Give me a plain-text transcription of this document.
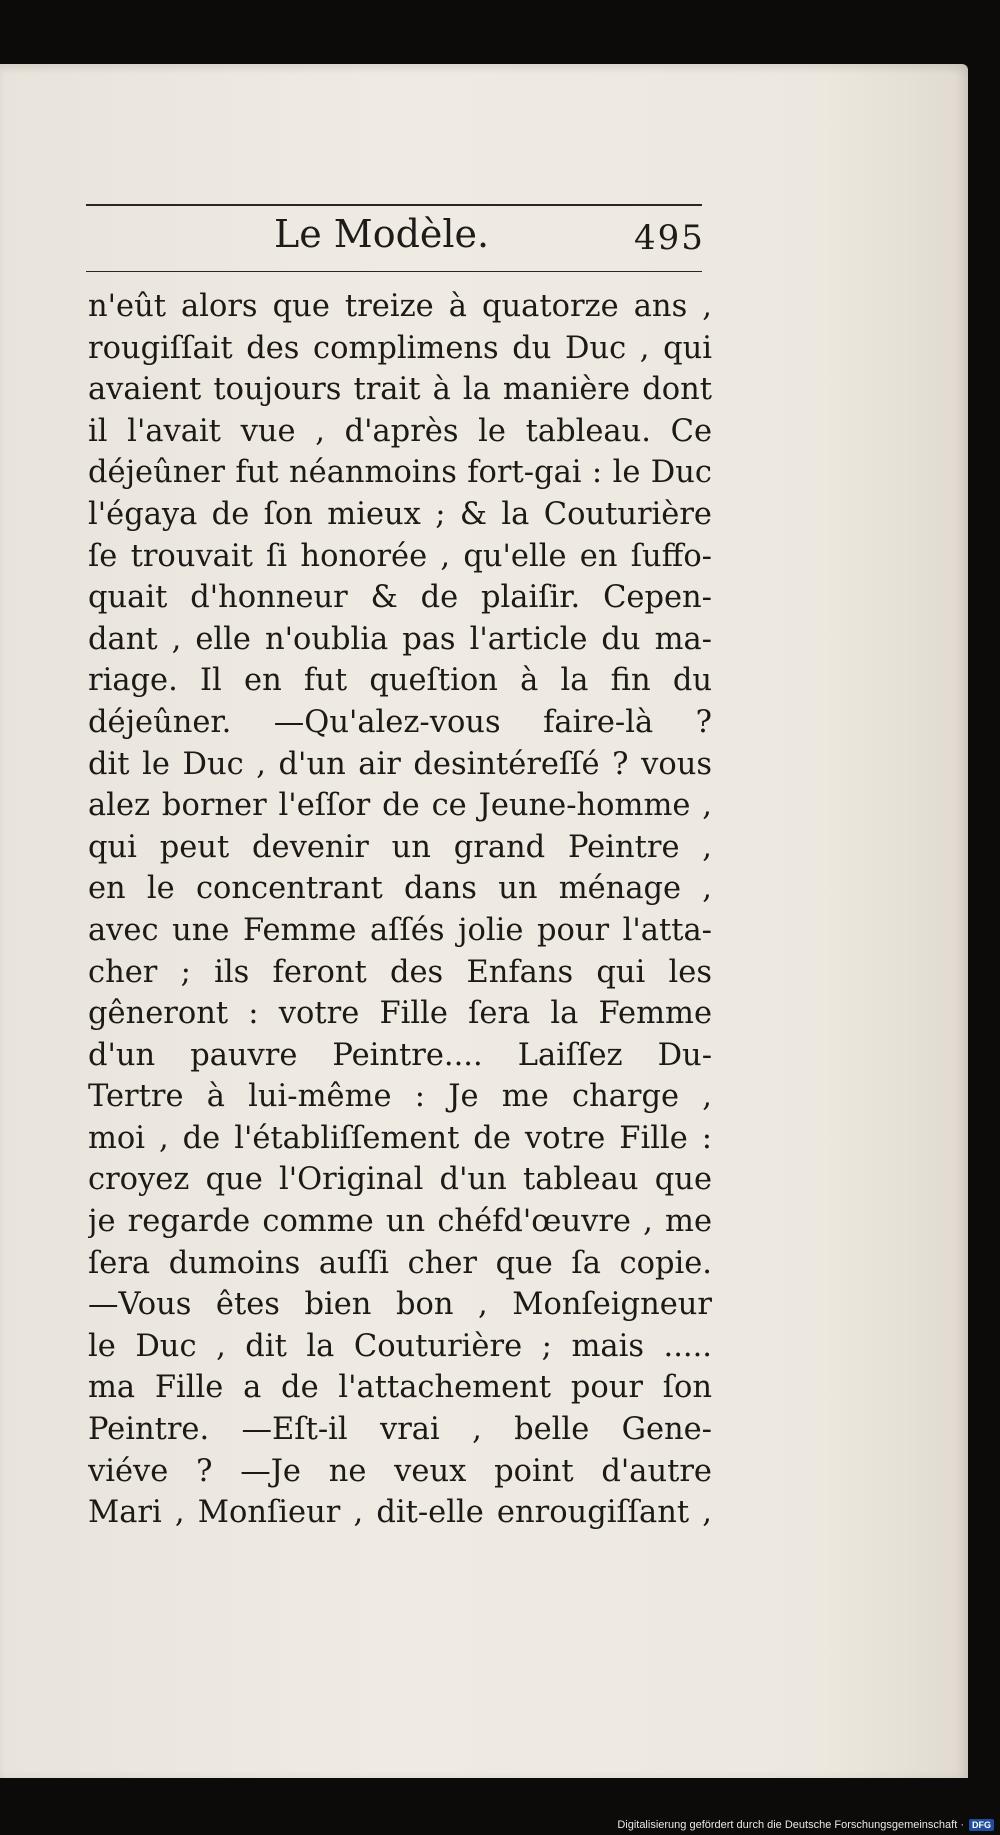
Le Modèle.	495
n'eût alors que treize à quatorze ans ,
rougiſſait des complimens du Duc , qui
avaient toujours trait à la manière dont
il l'avait vue , d'après le tableau. Ce
déjeûner fut néanmoins fort-gai : le Duc
l'égaya de ſon mieux ; & la Couturière
ſe trouvait ſi honorée , qu'elle en ſuffo-
quait d'honneur & de plaiſir. Cepen-
dant , elle n'oublia pas l'article du ma-
riage. Il en fut queſtion à la fin du
déjeûner. —Qu'alez-vous faire-là ?
dit le Duc , d'un air desintéreſſé ? vous
alez borner l'eſſor de ce Jeune-homme ,
qui peut devenir un grand Peintre ,
en le concentrant dans un ménage ,
avec une Femme aſſés jolie pour l'atta-
cher ; ils feront des Enfans qui les
gêneront : votre Fille ſera la Femme
d'un pauvre Peintre.... Laiſſez Du-
Tertre à lui-même : Je me charge ,
moi , de l'établiſſement de votre Fille :
croyez que l'Original d'un tableau que
je regarde comme un chéfd'œuvre , me
ſera dumoins auſſi cher que ſa copie.
—Vous êtes bien bon , Monſeigneur
le Duc , dit la Couturière ; mais .....
ma Fille a de l'attachement pour ſon
Peintre. —Eſt-il vrai , belle Gene-
viéve ? —Je ne veux point d'autre
Mari , Monſieur , dit-elle enrougiſſant ,
Digitalisierung gefördert durch die Deutsche Forschungsgemeinschaft · DFG
